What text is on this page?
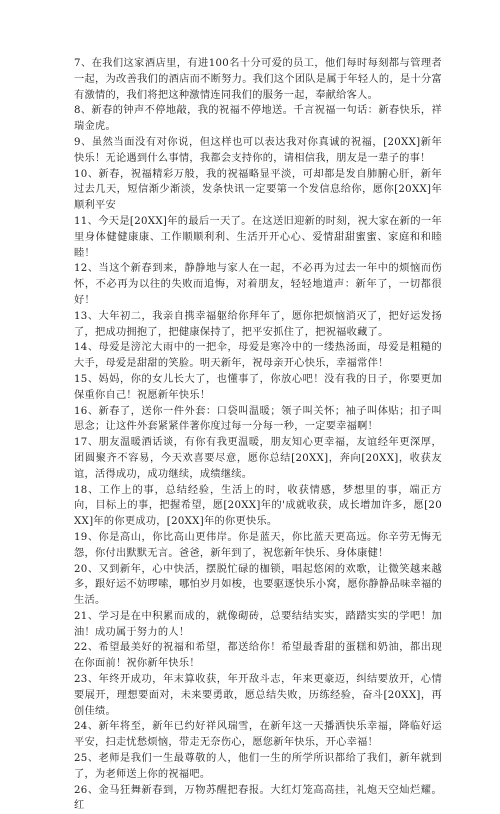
7、在我们这家酒店里，有进100名十分可爱的员工，他们每时每刻都与管理者一起，为改善我们的酒店而不断努力。我们这个团队是属于年轻人的，是十分富有激情的，我们将把这种激情连同我们的服务一起，奉献给客人。

8、新春的钟声不停地敲，我的祝福不停地送。千言祝福一句话：新春快乐，祥瑞金虎。

9、虽然当面没有对你说，但这样也可以表达我对你真诚的祝福，[20XX]新年快乐！无论遇到什么事情，我都会支持你的，请相信我，朋友是一辈子的事！

10、新春，祝福精彩万般，我的祝福略显平淡，可却都是发自肺腑心肝，新年过去几天，短信渐少渐淡，发条快讯一定要第一个发信息给你，愿你[20XX]年顺利平安

11、今天是[20XX]年的最后一天了。在这送旧迎新的时刻，祝大家在新的一年里身体健健康康、工作顺顺利利、生活开开心心、爱情甜甜蜜蜜、家庭和和睦睦！

12、当这个新春到来，静静地与家人在一起，不必再为过去一年中的烦恼而伤怀，不必再为以往的失败而追悔，对着朋友，轻轻地道声：新年了，一切都很好！

13、大年初二，我亲自携幸福躯给你拜年了，愿你把烦恼消灭了，把好运发扬了，把成功拥抱了，把健康保持了，把平安抓住了，把祝福收藏了。

14、母爱是滂沱大雨中的一把伞，母爱是寒冷中的一缕热汤面，母爱是粗糙的大手，母爱是甜甜的笑脸。明天新年，祝母亲开心快乐，幸福常伴！

15、妈妈，你的女儿长大了，也懂事了，你放心吧！没有我的日子，你要更加保重你自己！祝愿新年快乐！

16、新春了，送你一件外套：口袋叫温暖；领子叫关怀；袖子叫体贴；扣子叫思念；让这件外套紧紧伴著你度过每一分每一秒，一定要幸福啊！

17、朋友温暖酒话谈，有你有我更温暖，朋友知心更幸福，友谊经年更深厚，团圆聚齐不容易，今天欢喜要尽意，愿你总结[20XX]，奔向[20XX]，收获友谊，活得成功，成功继续，成绩继续。

18、工作上的事，总结经验，生活上的时，收获情感，梦想里的事，端正方向，目标上的事，把握希望，愿[20XX]年的'成就收获，成长增加许多，愿[20XX]年的你更成功，[20XX]年的你更快乐。

19、你是高山，你比高山更伟岸。你是蓝天，你比蓝天更高远。你辛劳无悔无怨，你付出默默无言。爸爸，新年到了，祝您新年快乐、身体康健！

20、又到新年，心中快活，摆脱忙碌的枷锁，唱起悠闲的欢歌，让微笑越来越多，跟好运不妨啰嗦，哪怕岁月如梭，也要驱逐快乐小窝，愿你静静品味幸福的生活。

21、学习是在中积累而成的，就像砌砖，总要结结实实，踏踏实实的学吧！加油！成功属于努力的人！

22、希望最美好的祝福和希望，都送给你！希望最香甜的蛋糕和奶油，都出现在你面前！祝你新年快乐！

23、年终开成功，年末算收获，年开敌斗志，年来更豪迈，纠结要放开，心情要展开，理想要面对，未来要勇敢，愿总结失败，历练经验，奋斗[20XX]，再创佳绩。

24、新年将至，新年已约好祥风瑞雪，在新年这一天播洒快乐幸福，降临好运平安，扫走忧愁烦恼，带走无奈伤心，愿您新年快乐，开心幸福！

25、老师是我们一生最尊敬的人，他们一生的所学所识都给了我们，新年就到了，为老师送上你的祝福吧。

26、金马狂舞新春到，万物苏醒把春报。大红灯笼高高挂，礼炮天空灿烂耀。红
